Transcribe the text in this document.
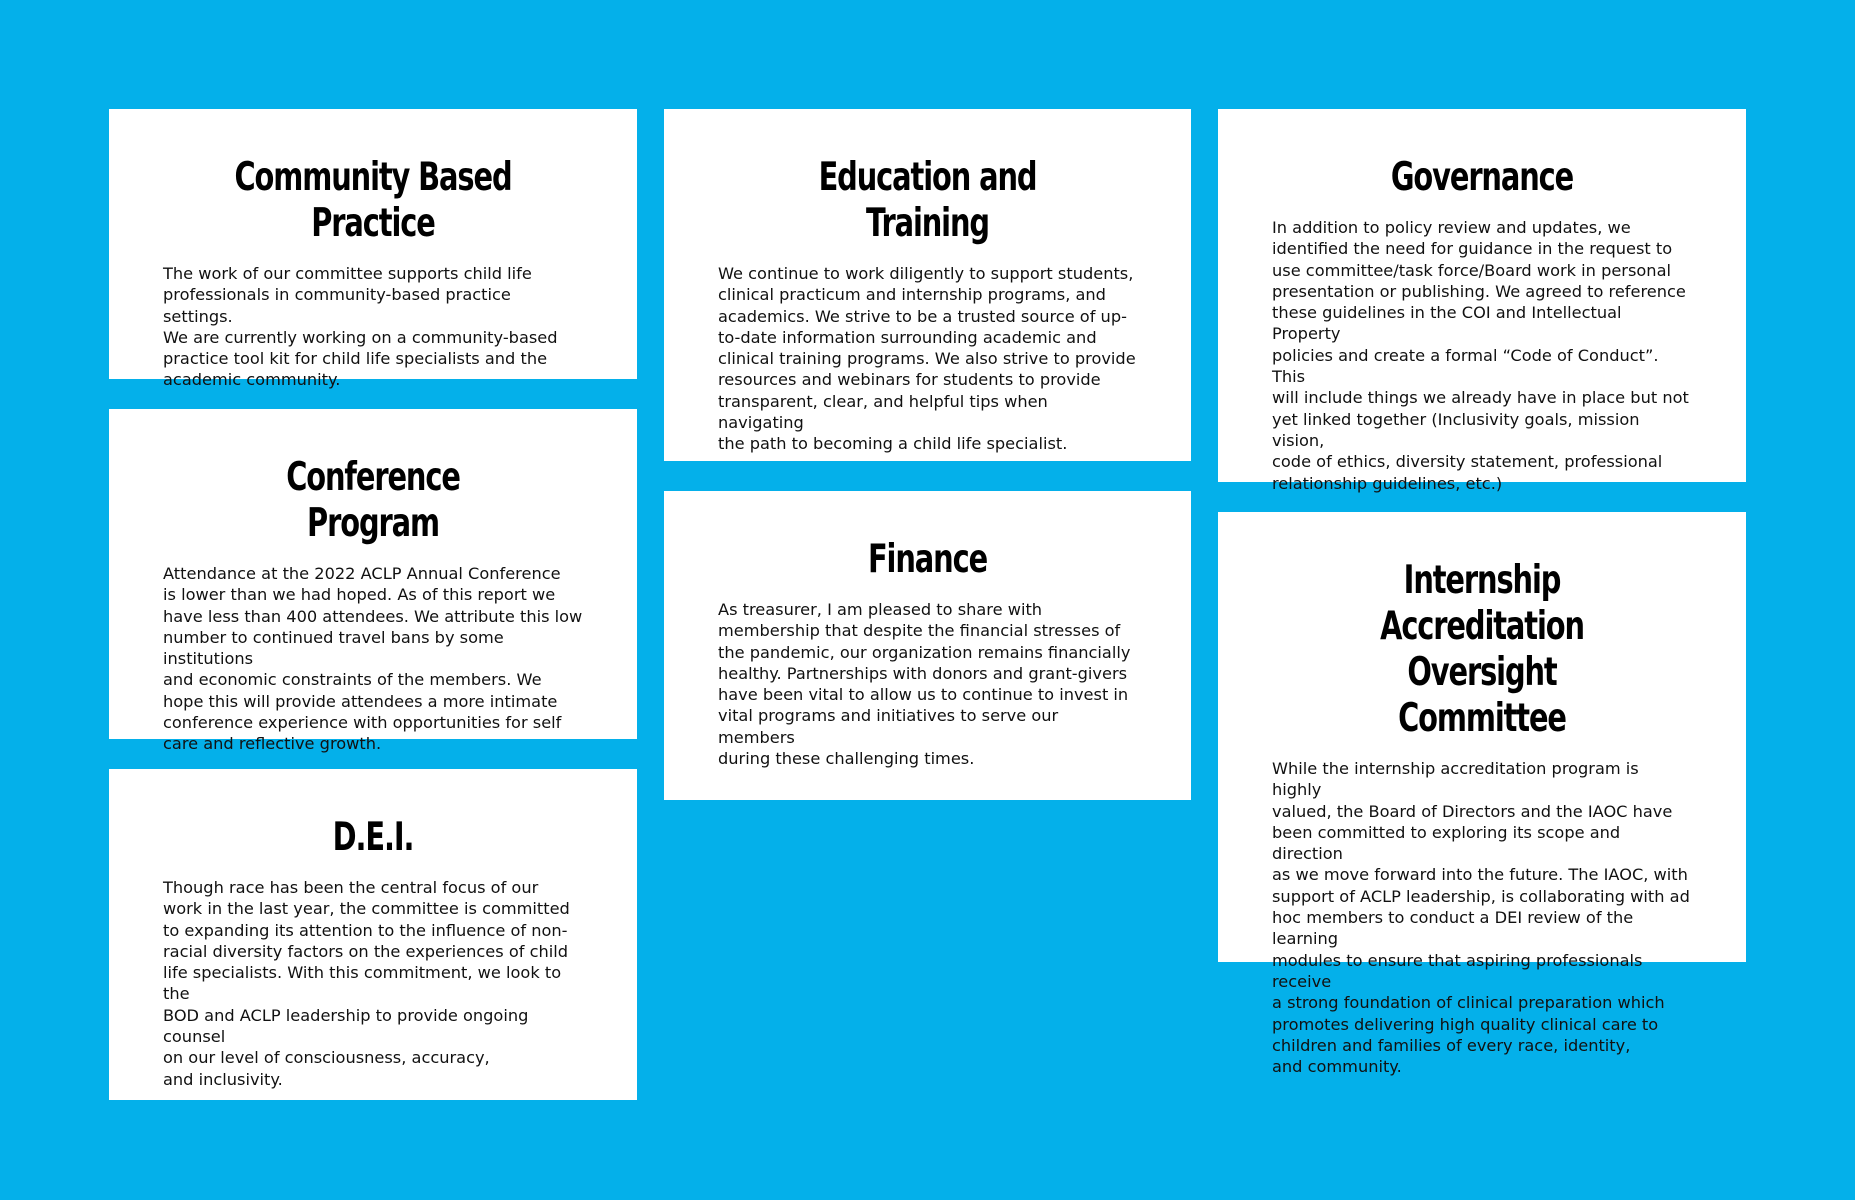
Community Based Practice

The work of our committee supports child life
professionals in community-based practice settings.
We are currently working on a community-based
practice tool kit for child life specialists and the
academic community.

Conference Program

Attendance at the 2022 ACLP Annual Conference
is lower than we had hoped. As of this report we
have less than 400 attendees. We attribute this low
number to continued travel bans by some institutions
and economic constraints of the members. We
hope this will provide attendees a more intimate
conference experience with opportunities for self
care and reflective growth.

D.E.I.

Though race has been the central focus of our
work in the last year, the committee is committed
to expanding its attention to the influence of non-
racial diversity factors on the experiences of child
life specialists. With this commitment, we look to the
BOD and ACLP leadership to provide ongoing counsel
on our level of consciousness, accuracy,
and inclusivity.

Education and Training

We continue to work diligently to support students,
clinical practicum and internship programs, and
academics. We strive to be a trusted source of up-
to-date information surrounding academic and
clinical training programs. We also strive to provide
resources and webinars for students to provide
transparent, clear, and helpful tips when navigating
the path to becoming a child life specialist.

Finance

As treasurer, I am pleased to share with
membership that despite the financial stresses of
the pandemic, our organization remains financially
healthy. Partnerships with donors and grant-givers
have been vital to allow us to continue to invest in
vital programs and initiatives to serve our members
during these challenging times.

Governance

In addition to policy review and updates, we
identified the need for guidance in the request to
use committee/task force/Board work in personal
presentation or publishing. We agreed to reference
these guidelines in the COI and Intellectual Property
policies and create a formal “Code of Conduct”. This
will include things we already have in place but not
yet linked together (Inclusivity goals, mission vision,
code of ethics, diversity statement, professional
relationship guidelines, etc.)

Internship Accreditation
Oversight Committee

While the internship accreditation program is highly
valued, the Board of Directors and the IAOC have
been committed to exploring its scope and direction
as we move forward into the future. The IAOC, with
support of ACLP leadership, is collaborating with ad
hoc members to conduct a DEI review of the learning
modules to ensure that aspiring professionals receive
a strong foundation of clinical preparation which
promotes delivering high quality clinical care to
children and families of every race, identity,
and community.
